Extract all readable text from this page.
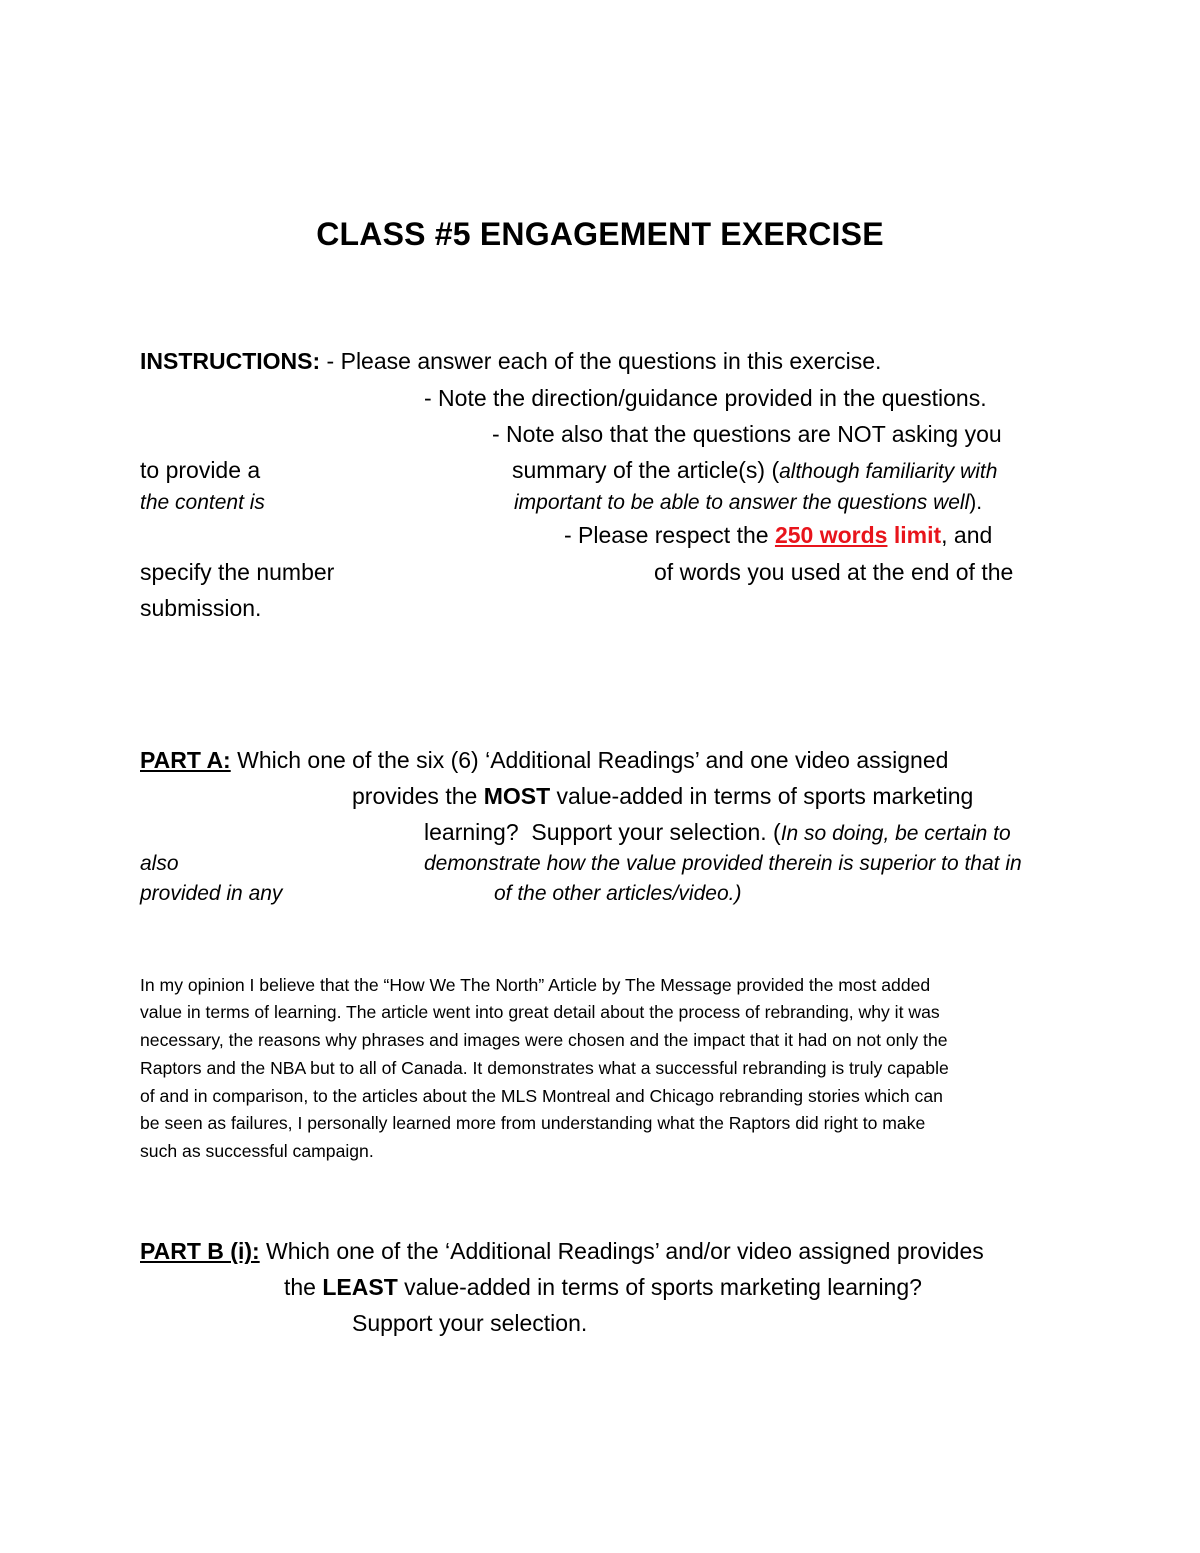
CLASS #5 ENGAGEMENT EXERCISE
INSTRUCTIONS: - Please answer each of the questions in this exercise.
- Note the direction/guidance provided in the questions.
- Note also that the questions are NOT asking you
to provide a	summary of the article(s) (although familiarity with
the content is	important to be able to answer the questions well).
- Please respect the 250 words limit, and
specify the number	of words you used at the end of the
submission.
PART A: Which one of the six (6) ‘Additional Readings’ and one video assigned
provides the MOST value-added in terms of sports marketing
learning?  Support your selection. (In so doing, be certain to
also	demonstrate how the value provided therein is superior to that in
provided in any	of the other articles/video.)
In my opinion I believe that the “How We The North” Article by The Message provided the most added
value in terms of learning. The article went into great detail about the process of rebranding, why it was
necessary, the reasons why phrases and images were chosen and the impact that it had on not only the
Raptors and the NBA but to all of Canada. It demonstrates what a successful rebranding is truly capable
of and in comparison, to the articles about the MLS Montreal and Chicago rebranding stories which can
be seen as failures, I personally learned more from understanding what the Raptors did right to make
such as successful campaign.
PART B (i): Which one of the ‘Additional Readings’ and/or video assigned provides
the LEAST value-added in terms of sports marketing learning?
Support your selection.
